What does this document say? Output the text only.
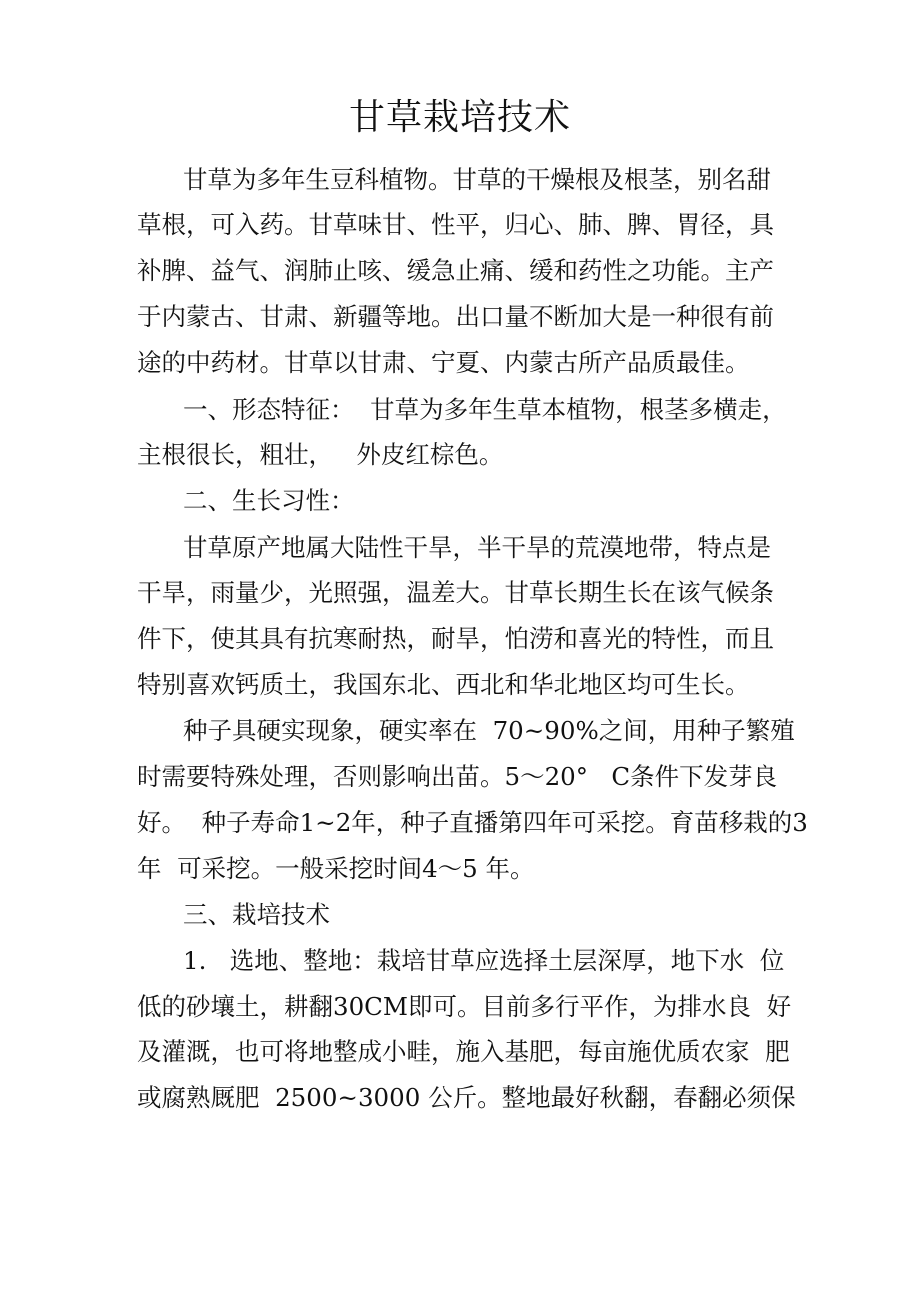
甘草栽培技术
甘草为多年生豆科植物。甘草的干燥根及根茎，别名甜
草根，可入药。甘草味甘、性平，归心、肺、脾、胃径，具
补脾、益气、润肺止咳、缓急止痛、缓和药性之功能。主产
于内蒙古、甘肃、新疆等地。出口量不断加大是一种很有前
途的中药材。甘草以甘肃、宁夏、内蒙古所产品质最佳。
一、形态特征：  甘草为多年生草本植物，根茎多横走，
主根很长，粗壮，   外皮红棕色。
二、生长习性：
甘草原产地属大陆性干旱，半干旱的荒漠地带，特点是
干旱，雨量少，光照强，温差大。甘草长期生长在该气候条
件下，使其具有抗寒耐热，耐旱，怕涝和喜光的特性，而且
特别喜欢钙质土，我国东北、西北和华北地区均可生长。
种子具硬实现象，硬实率在  70~90%之间，用种子繁殖
时需要特殊处理，否则影响出苗。5～20°   C条件下发芽良
好。  种子寿命1~2年，种子直播第四年可采挖。育苗移栽的3
年  可采挖。一般采挖时间4～5 年。
三、栽培技术
1.   选地、整地：栽培甘草应选择土层深厚，地下水  位
低的砂壤土，耕翻30CM即可。目前多行平作，为排水良  好
及灌溉，也可将地整成小畦，施入基肥，每亩施优质农家  肥
或腐熟厩肥  2500~3000 公斤。整地最好秋翻，春翻必须保
